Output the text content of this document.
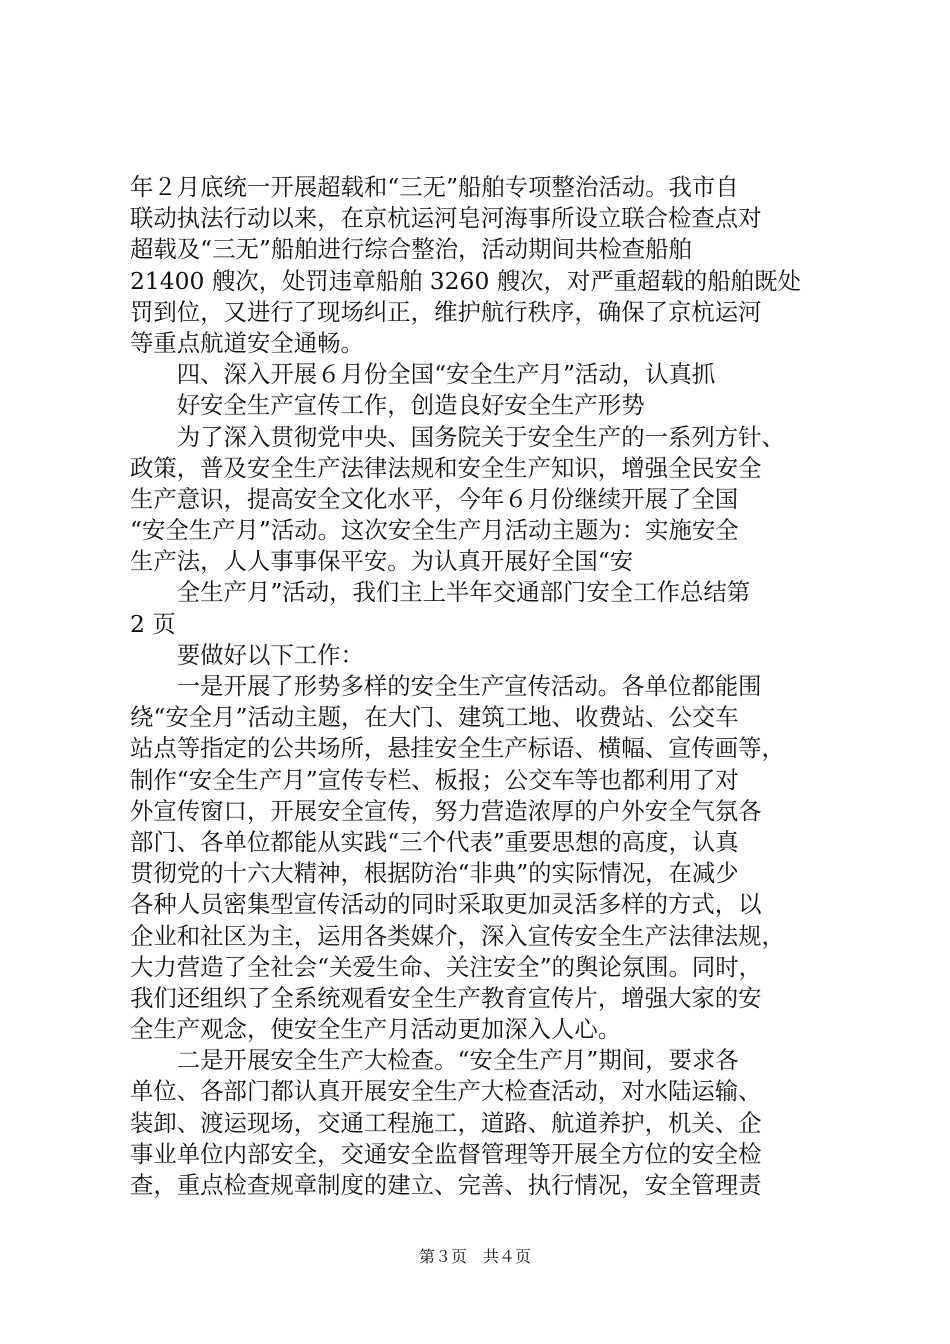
年２月底统一开展超载和“三无”船舶专项整治活动。我市自
联动执法行动以来，在京杭运河皂河海事所设立联合检查点对
超载及“三无”船舶进行综合整治，活动期间共检查船舶
21400 艘次，处罚违章船舶 3260 艘次，对严重超载的船舶既处
罚到位，又进行了现场纠正，维护航行秩序，确保了京杭运河
等重点航道安全通畅。
　　四、深入开展６月份全国“安全生产月”活动，认真抓
　　好安全生产宣传工作，创造良好安全生产形势
　　为了深入贯彻党中央、国务院关于安全生产的一系列方针、
政策，普及安全生产法律法规和安全生产知识，增强全民安全
生产意识，提高安全文化水平，今年６月份继续开展了全国
“安全生产月”活动。这次安全生产月活动主题为：实施安全
生产法，人人事事保平安。为认真开展好全国“安
　　全生产月”活动，我们主上半年交通部门安全工作总结第
2 页
　　要做好以下工作：
　　一是开展了形势多样的安全生产宣传活动。各单位都能围
绕“安全月”活动主题，在大门、建筑工地、收费站、公交车
站点等指定的公共场所，悬挂安全生产标语、横幅、宣传画等，
制作“安全生产月”宣传专栏、板报；公交车等也都利用了对
外宣传窗口，开展安全宣传，努力营造浓厚的户外安全气氛各
部门、各单位都能从实践“三个代表”重要思想的高度，认真
贯彻党的十六大精神，根据防治“非典”的实际情况，在减少
各种人员密集型宣传活动的同时采取更加灵活多样的方式，以
企业和社区为主，运用各类媒介，深入宣传安全生产法律法规，
大力营造了全社会“关爱生命、关注安全”的舆论氛围。同时，
我们还组织了全系统观看安全生产教育宣传片，增强大家的安
全生产观念，使安全生产月活动更加深入人心。
　　二是开展安全生产大检查。“安全生产月”期间，要求各
单位、各部门都认真开展安全生产大检查活动，对水陆运输、
装卸、渡运现场，交通工程施工，道路、航道养护，机关、企
事业单位内部安全，交通安全监督管理等开展全方位的安全检
查，重点检查规章制度的建立、完善、执行情况，安全管理责
第３页　共４页
